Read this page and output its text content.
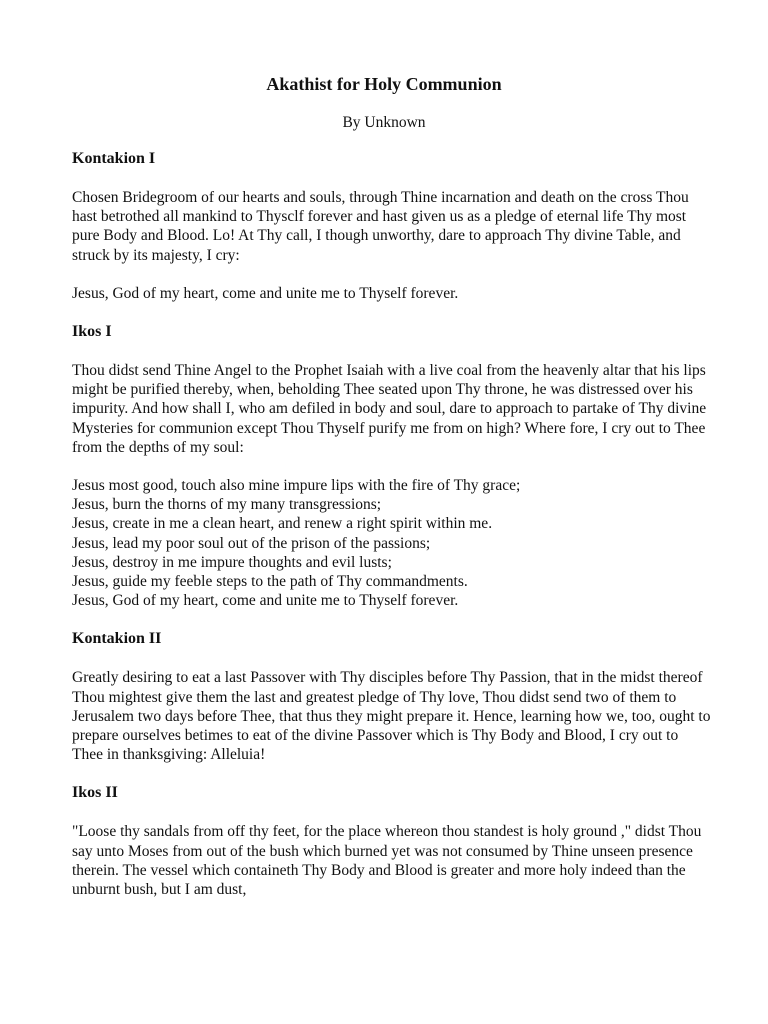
Akathist for Holy Communion
By Unknown
Kontakion I
Chosen Bridegroom of our hearts and souls, through Thine incarnation and death on the cross Thou hast betrothed all mankind to Thysclf forever and hast given us as a pledge of eternal life Thy most pure Body and Blood. Lo! At Thy call, I though unworthy, dare to approach Thy divine Table, and struck by its majesty, I cry:
Jesus, God of my heart, come and unite me to Thyself forever.
Ikos I
Thou didst send Thine Angel to the Prophet Isaiah with a live coal from the heavenly altar that his lips might be purified thereby, when, beholding Thee seated upon Thy throne, he was distressed over his impurity. And how shall I, who am defiled in body and soul, dare to approach to partake of Thy divine Mysteries for communion except Thou Thyself purify me from on high? Where fore, I cry out to Thee from the depths of my soul:
Jesus most good, touch also mine impure lips with the fire of Thy grace;
Jesus, burn the thorns of my many transgressions;
Jesus, create in me a clean heart, and renew a right spirit within me.
Jesus, lead my poor soul out of the prison of the passions;
Jesus, destroy in me impure thoughts and evil lusts;
Jesus, guide my feeble steps to the path of Thy commandments.
Jesus, God of my heart, come and unite me to Thyself forever.
Kontakion II
Greatly desiring to eat a last Passover with Thy disciples before Thy Passion, that in the midst thereof Thou mightest give them the last and greatest pledge of Thy love, Thou didst send two of them to Jerusalem two days before Thee, that thus they might prepare it. Hence, learning how we, too, ought to prepare ourselves betimes to eat of the divine Passover which is Thy Body and Blood, I cry out to Thee in thanksgiving: Alleluia!
Ikos II
"Loose thy sandals from off thy feet, for the place whereon thou standest is holy ground ," didst Thou say unto Moses from out of the bush which burned yet was not consumed by Thine unseen presence therein. The vessel which containeth Thy Body and Blood is greater and more holy indeed than the unburnt bush, but I am dust,
